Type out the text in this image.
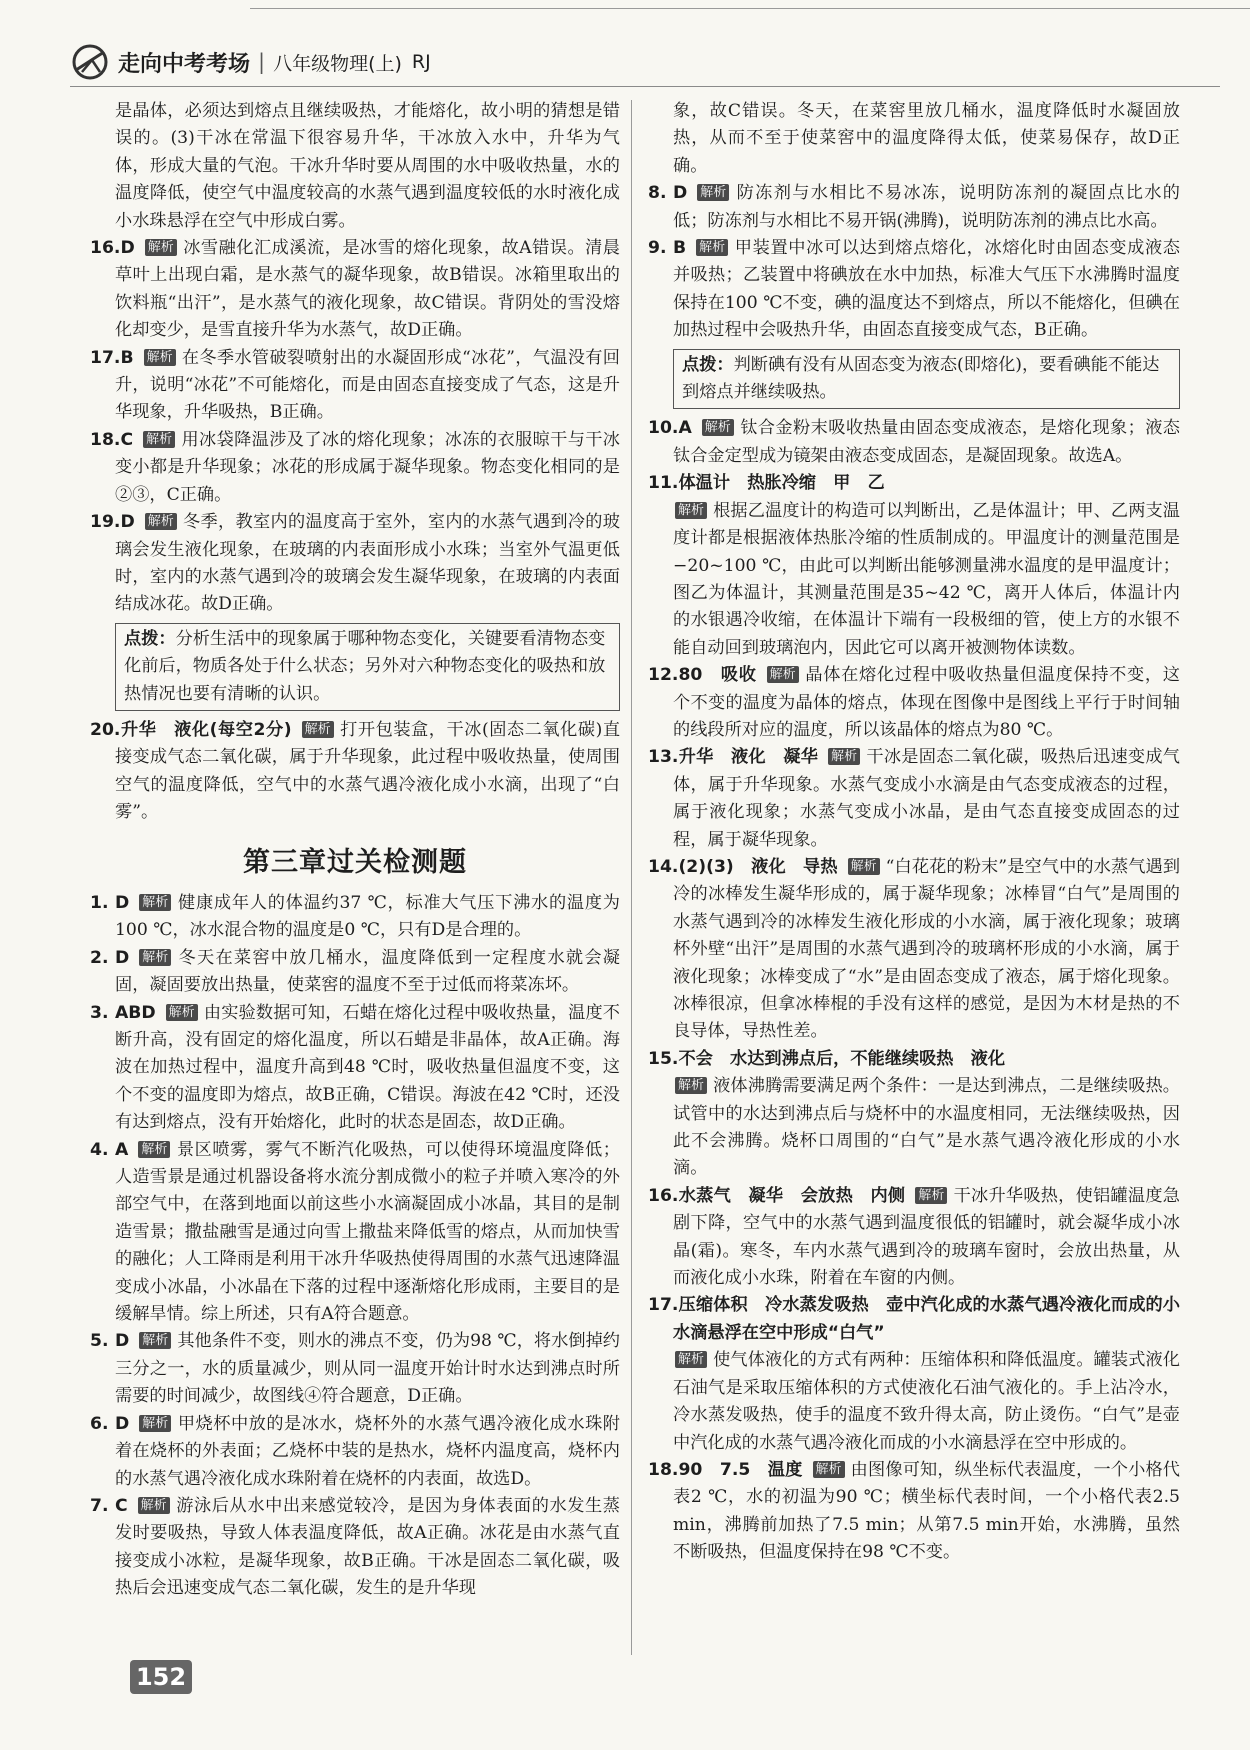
走向中考考场 | 八年级物理(上) RJ

是晶体，必须达到熔点且继续吸热，才能熔化，故小明的猜想是错误的。(3)干冰在常温下很容易升华，干冰放入水中，升华为气体，形成大量的气泡。干冰升华时要从周围的水中吸收热量，水的温度降低，使空气中温度较高的水蒸气遇到温度较低的水时液化成小水珠悬浮在空气中形成白雾。

16.D 解析 冰雪融化汇成溪流，是冰雪的熔化现象，故A错误。清晨草叶上出现白霜，是水蒸气的凝华现象，故B错误。冰箱里取出的饮料瓶“出汗”，是水蒸气的液化现象，故C错误。背阴处的雪没熔化却变少，是雪直接升华为水蒸气，故D正确。

17.B 解析 在冬季水管破裂喷射出的水凝固形成“冰花”，气温没有回升，说明“冰花”不可能熔化，而是由固态直接变成了气态，这是升华现象，升华吸热，B正确。

18.C 解析 用冰袋降温涉及了冰的熔化现象；冰冻的衣服晾干与干冰变小都是升华现象；冰花的形成属于凝华现象。物态变化相同的是②③，C正确。

19.D 解析 冬季，教室内的温度高于室外，室内的水蒸气遇到冷的玻璃会发生液化现象，在玻璃的内表面形成小水珠；当室外气温更低时，室内的水蒸气遇到冷的玻璃会发生凝华现象，在玻璃的内表面结成冰花。故D正确。

点拨：分析生活中的现象属于哪种物态变化，关键要看清物态变化前后，物质各处于什么状态；另外对六种物态变化的吸热和放热情况也要有清晰的认识。

20.升华　液化(每空2分) 解析 打开包装盒，干冰(固态二氧化碳)直接变成气态二氧化碳，属于升华现象，此过程中吸收热量，使周围空气的温度降低，空气中的水蒸气遇冷液化成小水滴，出现了“白雾”。

第三章过关检测题

1. D 解析 健康成年人的体温约37 ℃，标准大气压下沸水的温度为100 ℃，冰水混合物的温度是0 ℃，只有D是合理的。

2. D 解析 冬天在菜窖中放几桶水，温度降低到一定程度水就会凝固，凝固要放出热量，使菜窖的温度不至于过低而将菜冻坏。

3. ABD 解析 由实验数据可知，石蜡在熔化过程中吸收热量，温度不断升高，没有固定的熔化温度，所以石蜡是非晶体，故A正确。海波在加热过程中，温度升高到48 ℃时，吸收热量但温度不变，这个不变的温度即为熔点，故B正确，C错误。海波在42 ℃时，还没有达到熔点，没有开始熔化，此时的状态是固态，故D正确。

4. A 解析 景区喷雾，雾气不断汽化吸热，可以使得环境温度降低；人造雪景是通过机器设备将水流分割成微小的粒子并喷入寒冷的外部空气中，在落到地面以前这些小水滴凝固成小冰晶，其目的是制造雪景；撒盐融雪是通过向雪上撒盐来降低雪的熔点，从而加快雪的融化；人工降雨是利用干冰升华吸热使得周围的水蒸气迅速降温变成小冰晶，小冰晶在下落的过程中逐渐熔化形成雨，主要目的是缓解旱情。综上所述，只有A符合题意。

5. D 解析 其他条件不变，则水的沸点不变，仍为98 ℃，将水倒掉约三分之一，水的质量减少，则从同一温度开始计时水达到沸点时所需要的时间减少，故图线④符合题意，D正确。

6. D 解析 甲烧杯中放的是冰水，烧杯外的水蒸气遇冷液化成水珠附着在烧杯的外表面；乙烧杯中装的是热水，烧杯内温度高，烧杯内的水蒸气遇冷液化成水珠附着在烧杯的内表面，故选D。

7. C 解析 游泳后从水中出来感觉较冷，是因为身体表面的水发生蒸发时要吸热，导致人体表温度降低，故A正确。冰花是由水蒸气直接变成小冰粒，是凝华现象，故B正确。干冰是固态二氧化碳，吸热后会迅速变成气态二氧化碳，发生的是升华现

象，故C错误。冬天，在菜窖里放几桶水，温度降低时水凝固放热，从而不至于使菜窖中的温度降得太低，使菜易保存，故D正确。

8. D 解析 防冻剂与水相比不易冰冻，说明防冻剂的凝固点比水的低；防冻剂与水相比不易开锅(沸腾)，说明防冻剂的沸点比水高。

9. B 解析 甲装置中冰可以达到熔点熔化，冰熔化时由固态变成液态并吸热；乙装置中将碘放在水中加热，标准大气压下水沸腾时温度保持在100 ℃不变，碘的温度达不到熔点，所以不能熔化，但碘在加热过程中会吸热升华，由固态直接变成气态，B正确。

点拨：判断碘有没有从固态变为液态(即熔化)，要看碘能不能达到熔点并继续吸热。

10.A 解析 钛合金粉末吸收热量由固态变成液态，是熔化现象；液态钛合金定型成为镜架由液态变成固态，是凝固现象。故选A。

11.体温计　热胀冷缩　甲　乙
解析 根据乙温度计的构造可以判断出，乙是体温计；甲、乙两支温度计都是根据液体热胀冷缩的性质制成的。甲温度计的测量范围是 −20~100 ℃，由此可以判断出能够测量沸水温度的是甲温度计；图乙为体温计，其测量范围是35~42 ℃，离开人体后，体温计内的水银遇冷收缩，在体温计下端有一段极细的管，使上方的水银不能自动回到玻璃泡内，因此它可以离开被测物体读数。

12.80　吸收 解析 晶体在熔化过程中吸收热量但温度保持不变，这个不变的温度为晶体的熔点，体现在图像中是图线上平行于时间轴的线段所对应的温度，所以该晶体的熔点为80 ℃。

13.升华　液化　凝华 解析 干冰是固态二氧化碳，吸热后迅速变成气体，属于升华现象。水蒸气变成小水滴是由气态变成液态的过程，属于液化现象；水蒸气变成小冰晶，是由气态直接变成固态的过程，属于凝华现象。

14.(2)(3)　液化　导热 解析 “白花花的粉末”是空气中的水蒸气遇到冷的冰棒发生凝华形成的，属于凝华现象；冰棒冒“白气”是周围的水蒸气遇到冷的冰棒发生液化形成的小水滴，属于液化现象；玻璃杯外壁“出汗”是周围的水蒸气遇到冷的玻璃杯形成的小水滴，属于液化现象；冰棒变成了“水”是由固态变成了液态，属于熔化现象。冰棒很凉，但拿冰棒棍的手没有这样的感觉，是因为木材是热的不良导体，导热性差。

15.不会　水达到沸点后，不能继续吸热　液化
解析 液体沸腾需要满足两个条件：一是达到沸点，二是继续吸热。试管中的水达到沸点后与烧杯中的水温度相同，无法继续吸热，因此不会沸腾。烧杯口周围的“白气”是水蒸气遇冷液化形成的小水滴。

16.水蒸气　凝华　会放热　内侧 解析 干冰升华吸热，使铝罐温度急剧下降，空气中的水蒸气遇到温度很低的铝罐时，就会凝华成小冰晶(霜)。寒冬，车内水蒸气遇到冷的玻璃车窗时，会放出热量，从而液化成小水珠，附着在车窗的内侧。

17.压缩体积　冷水蒸发吸热　壶中汽化成的水蒸气遇冷液化而成的小水滴悬浮在空中形成“白气”
解析 使气体液化的方式有两种：压缩体积和降低温度。罐装式液化石油气是采取压缩体积的方式使液化石油气液化的。手上沾冷水，冷水蒸发吸热，使手的温度不致升得太高，防止烫伤。“白气”是壶中汽化成的水蒸气遇冷液化而成的小水滴悬浮在空中形成的。

18.90　7.5　温度 解析 由图像可知，纵坐标代表温度，一个小格代表2 ℃，水的初温为90 ℃；横坐标代表时间，一个小格代表2.5 min，沸腾前加热了7.5 min；从第7.5 min开始，水沸腾，虽然不断吸热，但温度保持在98 ℃不变。

152
